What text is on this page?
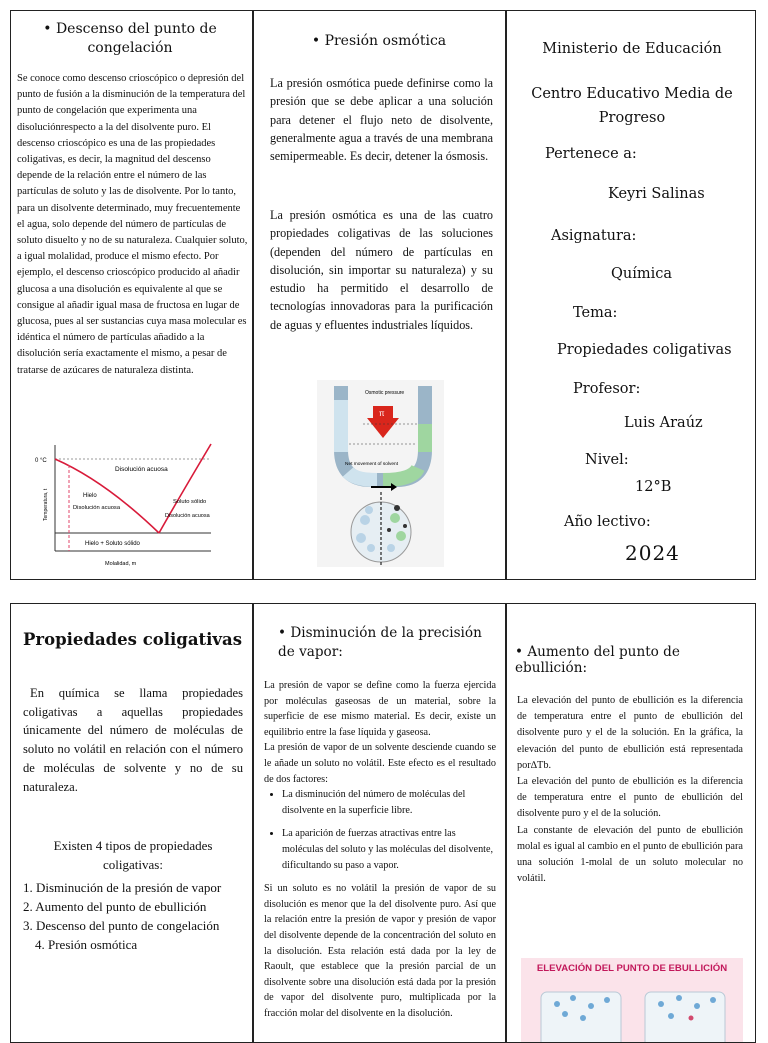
• Descenso del punto de congelación

Se conoce como descenso crioscópico o depresión del punto de fusión a la disminución de la temperatura del punto de congelación que experimenta una disoluciónrespecto a la del disolvente puro. El descenso crioscópico es una de las propiedades coligativas, es decir, la magnitud del descenso depende de la relación entre el número de las partículas de soluto y las de disolvente. Por lo tanto, para un disolvente determinado, muy frecuentemente el agua, solo depende del número de partículas de soluto disuelto y no de su naturaleza. Cualquier soluto, a igual molalidad, produce el mismo efecto. Por ejemplo, el descenso crioscópico producido al añadir glucosa a una disolución es equivalente al que se consigue al añadir igual masa de fructosa en lugar de glucosa, pues al ser sustancias cuya masa molecular es idéntica el número de partículas añadido a la disolución sería exactamente el mismo, a pesar de tratarse de azúcares de naturaleza distinta.

0 °C
Disolución acuosa
Hielo
Disolución acuosa
Soluto sólido
Disolución acuosa
Hielo + Soluto sólido
Temperatura, t
Molalidad, m
• Presión osmótica

La presión osmótica puede definirse como la presión que se debe aplicar a una solución para detener el flujo neto de disolvente, generalmente agua a través de una membrana semipermeable. Es decir, detener la ósmosis.

La presión osmótica es una de las cuatro propiedades coligativas de las soluciones (dependen del número de partículas en disolución, sin importar su naturaleza) y su estudio ha permitido el desarrollo de tecnologías innovadoras para la purificación de aguas y efluentes industriales líquidos.

Osmotic pressure
π
Net movement of solvent
Ministerio de Educación
Centro Educativo Media de Progreso
Pertenece a:
Keyri Salinas
Asignatura:
Química
Tema:
Propiedades coligativas
Profesor:
Luis Araúz
Nivel:
12°B
Año lectivo:
2024
Propiedades coligativas

En química se llama propiedades coligativas a aquellas propiedades únicamente del número de moléculas de soluto no volátil en relación con el número de moléculas de solvente y no de su naturaleza.

Existen 4 tipos de propiedades coligativas:
1. Disminución de la presión de vapor
2. Aumento del punto de ebullición
3. Descenso del punto de congelación
4. Presión osmótica
• Disminución de la precisión de vapor:

La presión de vapor se define como la fuerza ejercida por moléculas gaseosas de un material, sobre la superficie de ese mismo material. Es decir, existe un equilibrio entre la fase líquida y gaseosa.

La presión de vapor de un solvente desciende cuando se le añade un soluto no volátil. Este efecto es el resultado de dos factores:

• La disminución del número de moléculas del disolvente en la superficie libre.
• La aparición de fuerzas atractivas entre las moléculas del soluto y las moléculas del disolvente, dificultando su paso a vapor.

Si un soluto es no volátil la presión de vapor de su disolución es menor que la del disolvente puro. Así que la relación entre la presión de vapor y presión de vapor del disolvente depende de la concentración del soluto en la disolución. Esta relación está dada por la ley de Raoult, que establece que la presión parcial de un disolvente sobre una disolución está dada por la presión de vapor del disolvente puro, multiplicada por la fracción molar del disolvente en la disolución.

• Aumento del punto de ebullición:

La elevación del punto de ebullición es la diferencia de temperatura entre el punto de ebullición del disolvente puro y el de la solución. En la gráfica, la elevación del punto de ebullición está representada por∆Tb.

La elevación del punto de ebullición es la diferencia de temperatura entre el punto de ebullición del disolvente puro y el de la solución.

La constante de elevación del punto de ebullición molal es igual al cambio en el punto de ebullición para una solución 1-molal de un soluto molecular no volátil.

ELEVACIÓN DEL PUNTO DE EBULLICIÓN
